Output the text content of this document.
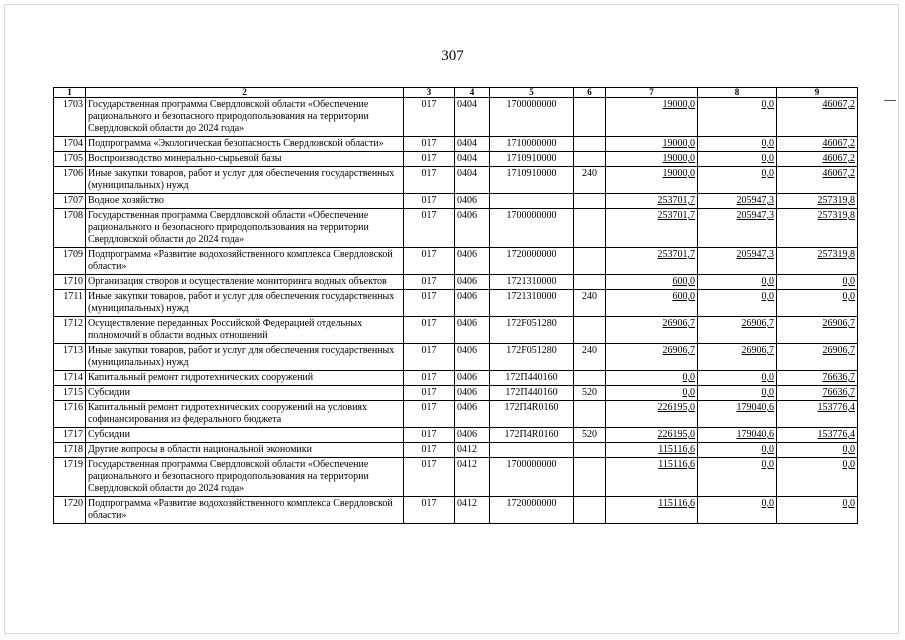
307
1	2	3	4	5	6	7	8	9
1703	Государственная программа Свердловской области «Обеспечение рационального и безопасного природопользования на территории Свердловской области до 2024 года»	017	0404	1700000000		19000,0	0,0	46067,2
1704	Подпрограмма «Экологическая безопасность Свердловской области»	017	0404	1710000000		19000,0	0,0	46067,2
1705	Воспроизводство минерально-сырьевой базы	017	0404	1710910000		19000,0	0,0	46067,2
1706	Иные закупки товаров, работ и услуг для обеспечения государственных (муниципальных) нужд	017	0404	1710910000	240	19000,0	0,0	46067,2
1707	Водное хозяйство	017	0406			253701,7	205947,3	257319,8
1708	Государственная программа Свердловской области «Обеспечение рационального и безопасного природопользования на территории Свердловской области до 2024 года»	017	0406	1700000000		253701,7	205947,3	257319,8
1709	Подпрограмма «Развитие водохозяйственного комплекса Свердловской области»	017	0406	1720000000		253701,7	205947,3	257319,8
1710	Организация створов и осуществление мониторинга водных объектов	017	0406	1721310000		600,0	0,0	0,0
1711	Иные закупки товаров, работ и услуг для обеспечения государственных (муниципальных) нужд	017	0406	1721310000	240	600,0	0,0	0,0
1712	Осуществление переданных Российской Федерацией отдельных полномочий в области водных отношений	017	0406	172F051280		26906,7	26906,7	26906,7
1713	Иные закупки товаров, работ и услуг для обеспечения государственных (муниципальных) нужд	017	0406	172F051280	240	26906,7	26906,7	26906,7
1714	Капитальный ремонт гидротехнических сооружений	017	0406	172П440160		0,0	0,0	76636,7
1715	Субсидии	017	0406	172П440160	520	0,0	0,0	76636,7
1716	Капитальный ремонт гидротехнических сооружений на условиях софинансирования из федерального бюджета	017	0406	172П4R0160		226195,0	179040,6	153776,4
1717	Субсидии	017	0406	172П4R0160	520	226195,0	179040,6	153776,4
1718	Другие вопросы в области национальной экономики	017	0412			115116,6	0,0	0,0
1719	Государственная программа Свердловской области «Обеспечение рационального и безопасного природопользования на территории Свердловской области до 2024 года»	017	0412	1700000000		115116,6	0,0	0,0
1720	Подпрограмма «Развитие водохозяйственного комплекса Свердловской области»	017	0412	1720000000		115116,6	0,0	0,0
